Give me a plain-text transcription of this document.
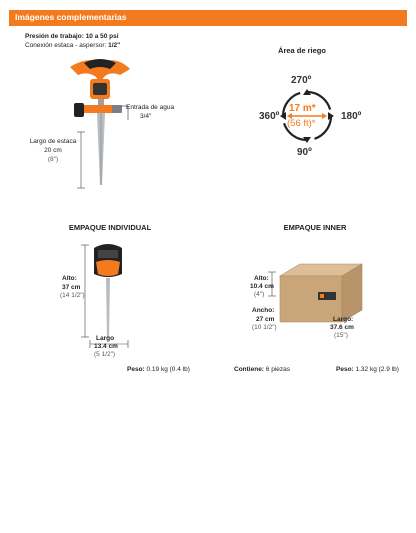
Imágenes complementarias
Presión de trabajo: 10 a 50 psi
Conexión estaca - aspersor: 1/2"
Entrada de agua
3/4"
Largo de estaca
20 cm
(8")
Área de riego
270º
360º	180º
90º
17 m*
(56 ft)*
EMPAQUE INDIVIDUAL
Alto:
37 cm
(14 1/2")
Largo
13.4 cm
(5 1/2")
Peso: 0.19 kg (0.4 lb)
EMPAQUE INNER
Alto:
10.4 cm
(4")
Ancho:
27 cm
(10 1/2")
Largo:
37.6 cm
(15")
Contiene: 6 piezas	Peso: 1.32 kg (2.9 lb)
